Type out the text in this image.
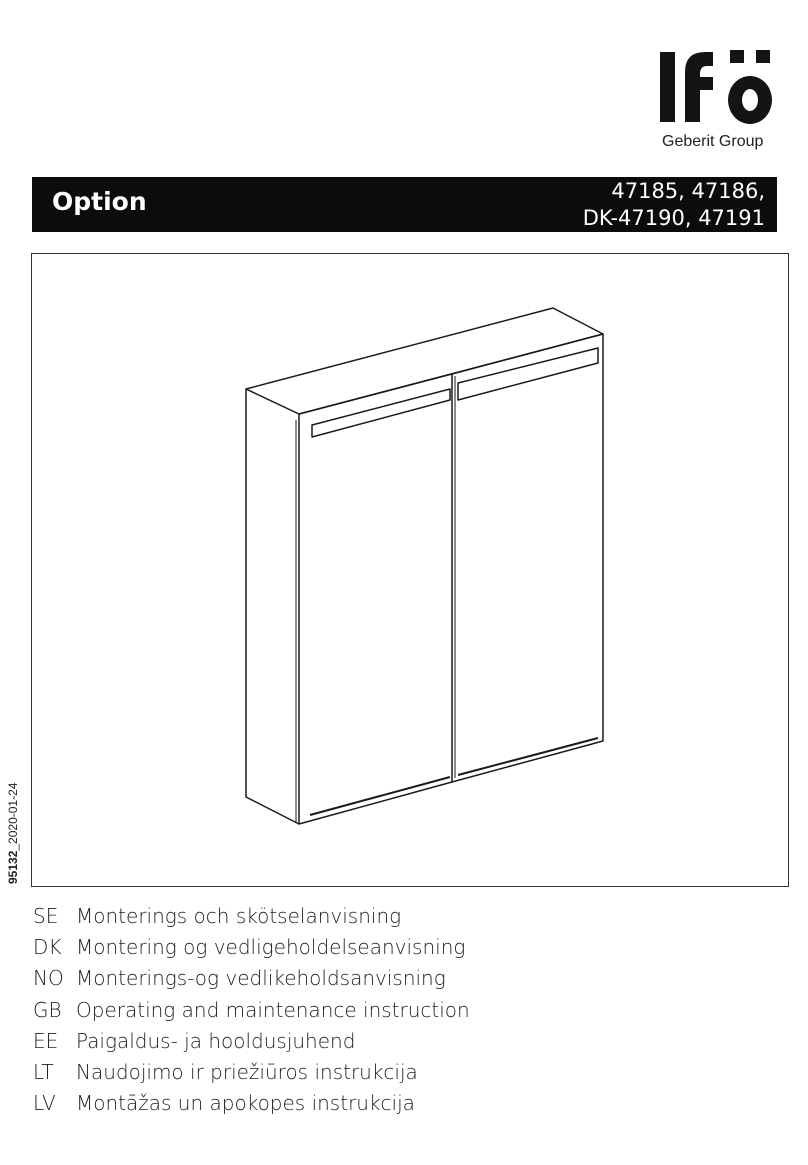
Geberit Group
Option	47185, 47186,
DK-47190, 47191
95132_2020-01-24
SE Monterings och skötselanvisning
DK Montering og vedligeholdelseanvisning
NO Monterings-og vedlikeholdsanvisning
GB Operating and maintenance instruction
EE Paigaldus- ja hooldusjuhend
LT	Naudojimo ir priežiūros instrukcija
LV	Montāžas un apokopes instrukcija
